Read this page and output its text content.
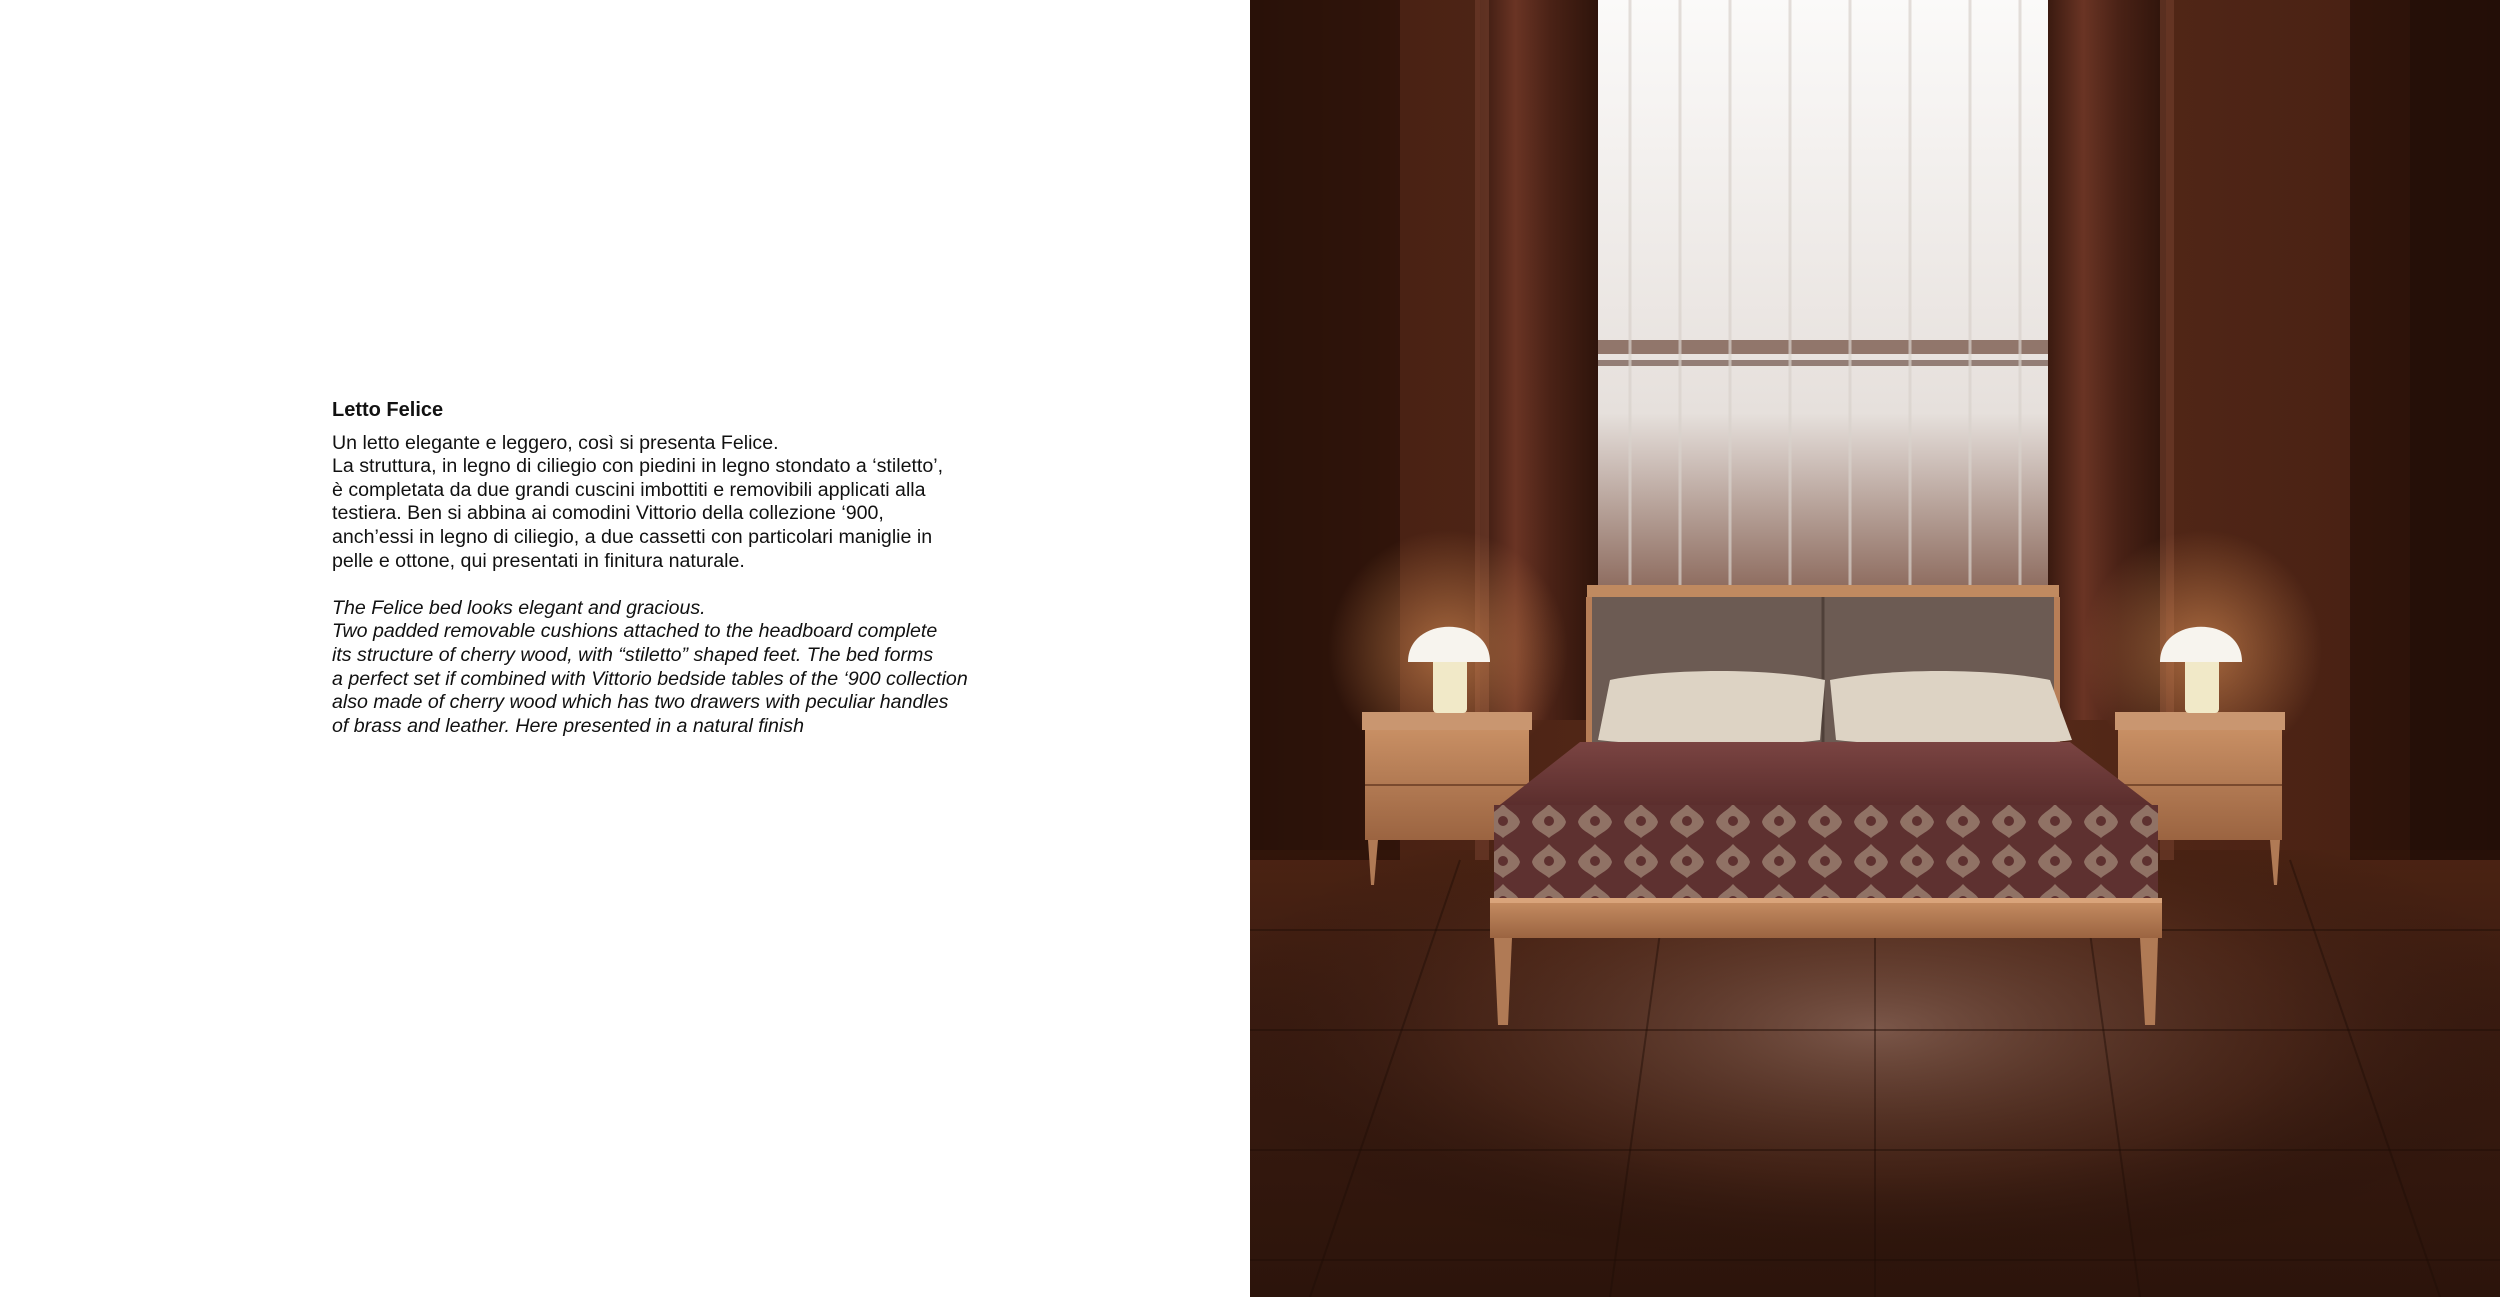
Letto Felice

Un letto elegante e leggero, così si presenta Felice.
La struttura, in legno di ciliegio con piedini in legno stondato a ‘stiletto’,
è completata da due grandi cuscini imbottiti e removibili applicati alla
testiera. Ben si abbina ai comodini Vittorio della collezione ‘900,
anch’essi in legno di ciliegio, a due cassetti con particolari maniglie in
pelle e ottone, qui presentati in finitura naturale.

The Felice bed looks elegant and gracious.
Two padded removable cushions attached to the headboard complete
its structure of cherry wood, with “stiletto” shaped feet. The bed forms
a perfect set if combined with Vittorio bedside tables of the ‘900 collection
also made of cherry wood which has two drawers with peculiar handles
of brass and leather. Here presented in a natural finish
